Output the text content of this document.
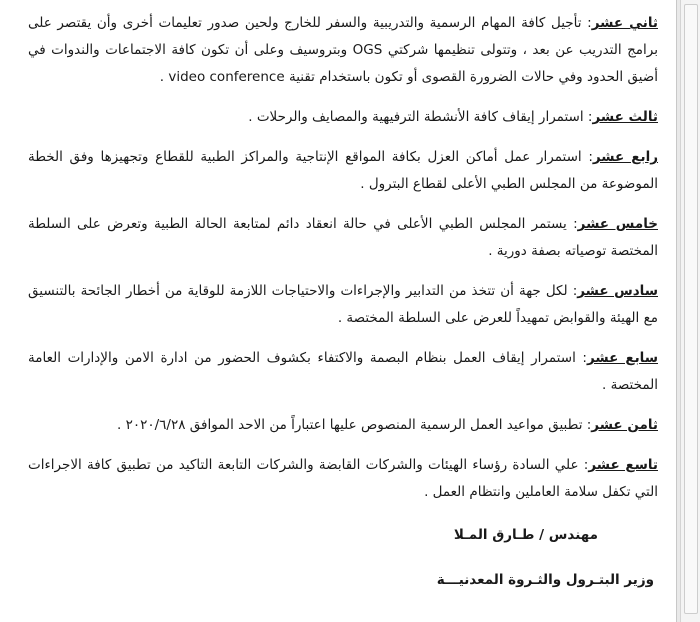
ثاني عشر: تأجيل كافة المهام الرسمية والتدريبية والسفر للخارج ولحين صدور تعليمات أخرى وأن يقتصر على برامج التدريب عن بعد ، وتتولى تنظيمها شركتي OGS وبتروسيف وعلى أن تكون كافة الاجتماعات والندوات في أضيق الحدود وفي حالات الضرورة القصوى أو تكون باستخدام تقنية video conference .

ثالث عشر: استمرار إيقاف كافة الأنشطة الترفيهية والمصايف والرحلات .

رابع عشر: استمرار عمل أماكن العزل بكافة المواقع الإنتاجية والمراكز الطبية للقطاع وتجهيزها وفق الخطة الموضوعة من المجلس الطبي الأعلى لقطاع البترول .

خامس عشر: يستمر المجلس الطبي الأعلى في حالة انعقاد دائم لمتابعة الحالة الطبية وتعرض على السلطة المختصة توصياته بصفة دورية .

سادس عشر: لكل جهة أن تتخذ من التدابير والإجراءات والاحتياجات اللازمة للوقاية من أخطار الجائحة بالتنسيق مع الهيئة والقوابض تمهيداً للعرض على السلطة المختصة .

سابع عشر: استمرار إيقاف العمل بنظام البصمة والاكتفاء بكشوف الحضور من ادارة الامن والإدارات العامة المختصة .

ثامن عشر: تطبيق مواعيد العمل الرسمية المنصوص عليها اعتباراً من الاحد الموافق ٢٠٢٠/٦/٢٨ .

تاسع عشر: علي السادة رؤساء الهيئات والشركات القابضة والشركات التابعة التاكيد من تطبيق كافة الاجراءات التي تكفل سلامة العاملين وانتظام العمل .

مهندس / طـارق المـلا

وزير البتـرول والثـروة المعدنيـــة
